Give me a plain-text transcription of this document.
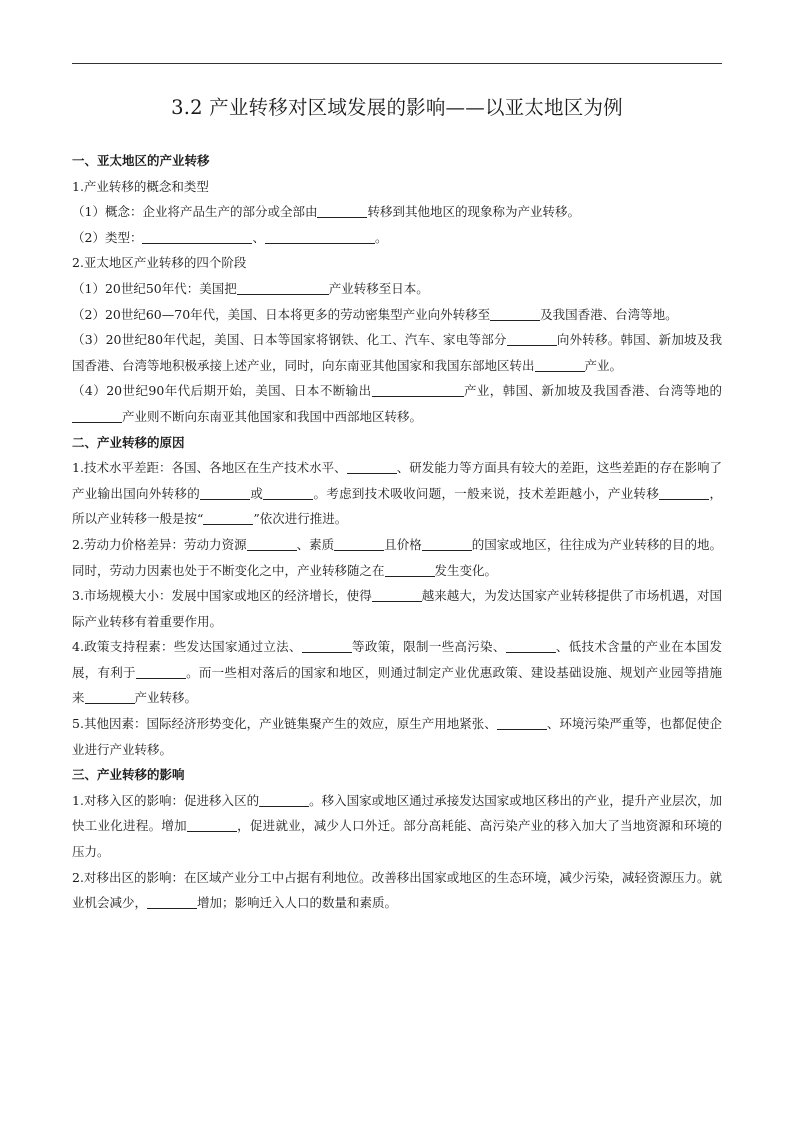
3.2 产业转移对区域发展的影响——以亚太地区为例
一、亚太地区的产业转移

1.产业转移的概念和类型

（1）概念：企业将产品生产的部分或全部由	转移到其他地区的现象称为产业转移。

（2）类型：	、	。

2.亚太地区产业转移的四个阶段

（1）20世纪50年代：美国把	产业转移至日本。

（2）20世纪60—70年代，美国、日本将更多的劳动密集型产业向外转移至	及我国香港、台湾等地。

（3）20世纪80年代起，美国、日本等国家将钢铁、化工、汽车、家电等部分	向外转移。韩国、新加坡及我国香港、台湾等地积极承接上述产业，同时，向东南亚其他国家和我国东部地区转出	产业。

（4）20世纪90年代后期开始，美国、日本不断输出	产业，韩国、新加坡及我国香港、台湾等地的产业则不断向东南亚其他国家和我国中西部地区转移。

二、产业转移的原因

1.技术水平差距：各国、各地区在生产技术水平、	、研发能力等方面具有较大的差距，这些差距的存在影响了产业输出国向外转移的	或	。考虑到技术吸收问题，一般来说，技术差距越小，产业转移	，所以产业转移一般是按“	”依次进行推进。

2.劳动力价格差异：劳动力资源	、素质	且价格	的国家或地区，往往成为产业转移的目的地。同时，劳动力因素也处于不断变化之中，产业转移随之在	发生变化。

3.市场规模大小：发展中国家或地区的经济增长，使得	越来越大，为发达国家产业转移提供了市场机遇，对国际产业转移有着重要作用。

4.政策支持程素：些发达国家通过立法、	等政策，限制一些高污染、	、低技术含量的产业在本国发展，有利于	。而一些相对落后的国家和地区，则通过制定产业优惠政策、建设基础设施、规划产业园等措施来	产业转移。

5.其他因素：国际经济形势变化，产业链集聚产生的效应，原生产用地紧张、	、环境污染严重等，也都促使企业进行产业转移。

三、产业转移的影响

1.对移入区的影响：促进移入区的	。移入国家或地区通过承接发达国家或地区移出的产业，提升产业层次，加快工业化进程。增加	，促进就业，减少人口外迁。部分高耗能、高污染产业的移入加大了当地资源和环境的压力。

2.对移出区的影响：在区域产业分工中占据有利地位。改善移出国家或地区的生态环境，减少污染，减轻资源压力。就业机会减少，	增加；影响迁入人口的数量和素质。
